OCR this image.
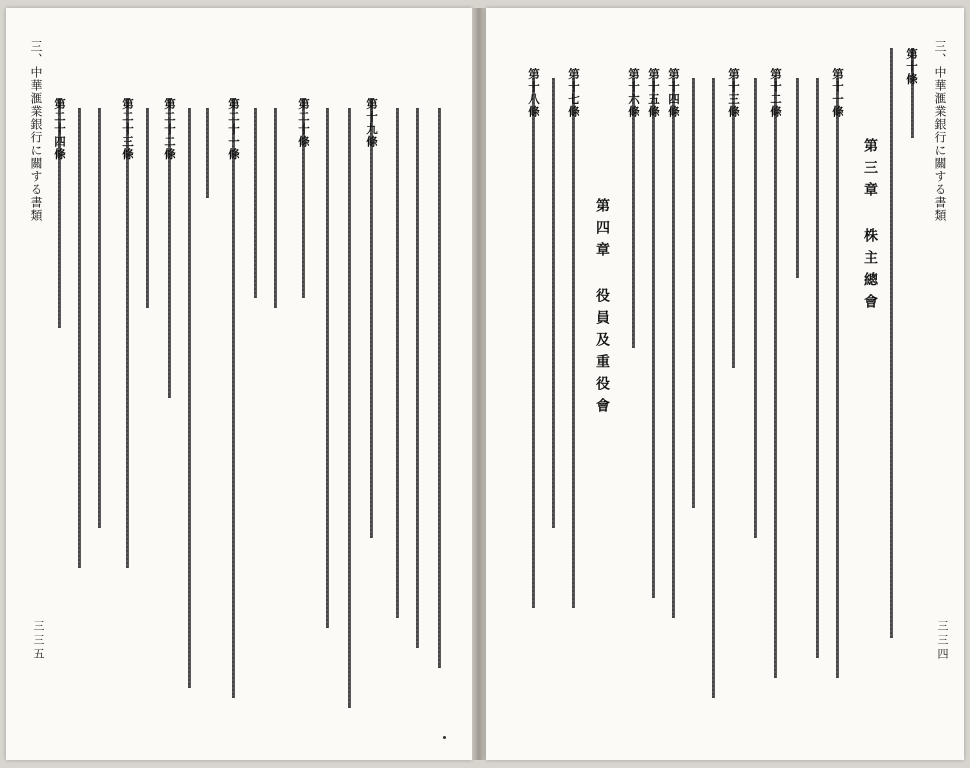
三、中華滙業銀行に關する書類
三三五
第二十四條	第二十三條 第二十二條	第二十一條	第二十條	第十九條	三、中華滙業銀行に關する書類
三三四
第三章 株主總會
第四章 役員及重役會
第十條
第十一條
第十二條
第十三條
第十四條
第十五條
第十六條
第十七條
第十八條
